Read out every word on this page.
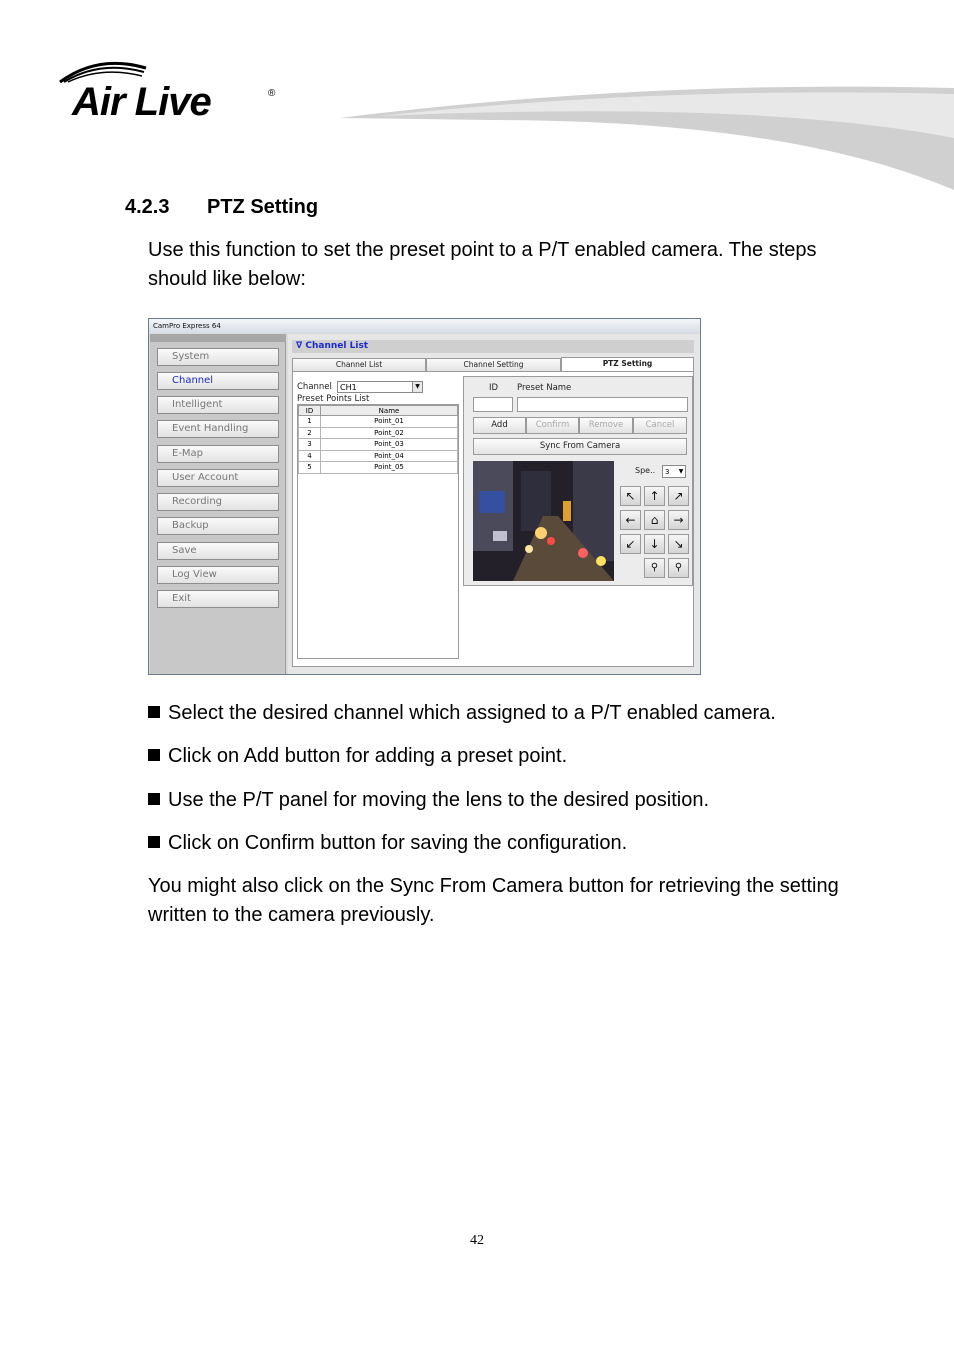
Air Live	®
4.2.3 PTZ Setting
Use this function to set the preset point to a P/T enabled camera. The steps should like below:
CamPro Express 64
System
Channel
Intelligent
Event Handling
E-Map
User Account
Recording
Backup
Save
Log View
Exit
∇ Channel List
Channel List	Channel Setting	PTZ Setting
Channel	CH1	▼
Preset Points List
ID	Name
1	Point_01
2	Point_02
3	Point_03
4	Point_04
5	Point_05
ID Preset Name
Add	Confirm	Remove	Cancel
Sync From Camera
Spe..	3 ▼
↖	↑	↗
←	⌂	→
↙	↓	↘
⚲	⚲
Select the desired channel which assigned to a P/T enabled camera.
Click on Add button for adding a preset point.
Use the P/T panel for moving the lens to the desired position.
Click on Confirm button for saving the configuration.
You might also click on the Sync From Camera button for retrieving the setting written to the camera previously.
42
